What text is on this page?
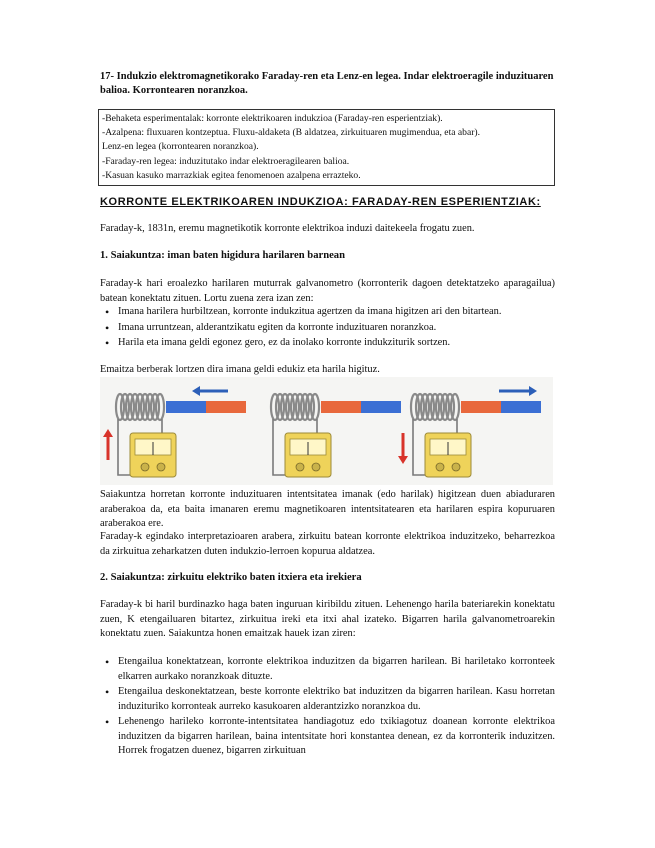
17- Indukzio elektromagnetikorako Faraday-ren eta Lenz-en legea. Indar elektroeragile induzituaren balioa. Korrontearen noranzkoa.

-Behaketa esperimentalak: korronte elektrikoaren indukzioa (Faraday-ren esperientziak).
-Azalpena: fluxuaren kontzeptua. Fluxu-aldaketa (B aldatzea, zirkuituaren mugimendua, eta abar).
Lenz-en legea (korrontearen noranzkoa).
-Faraday-ren legea: induzitutako indar elektroeragilearen balioa.
-Kasuan kasuko marrazkiak egitea fenomenoen azalpena errazteko.

KORRONTE ELEKTRIKOAREN INDUKZIOA: FARADAY-REN ESPERIENTZIAK:

Faraday-k, 1831n, eremu magnetikotik korronte elektrikoa induzi daitekeela frogatu zuen.

1. Saiakuntza: iman baten higidura harilaren barnean

Faraday-k hari eroalezko harilaren muturrak galvanometro (korronterik dagoen detektatzeko aparagailua) batean konektatu zituen. Lortu zuena zera izan zen:

• Imana harilera hurbiltzean, korronte indukzitua agertzen da imana higitzen ari den bitartean.
• Imana urruntzean, alderantzikatu egiten da korronte induzituaren noranzkoa.
• Harila eta imana geldi egonez gero, ez da inolako korronte indukziturik sortzen.

Emaitza berberak lortzen dira imana geldi edukiz eta harila higituz.

Saiakuntza horretan korronte induzituaren intentsitatea imanak (edo harilak) higitzean duen abiaduraren araberakoa da, eta baita imanaren eremu magnetikoaren intentsitatearen eta harilaren espira kopuruaren araberakoa ere.

Faraday-k egindako interpretazioaren arabera, zirkuitu batean korronte elektrikoa induzitzeko, beharrezkoa da zirkuitua zeharkatzen duten indukzio-lerroen kopurua aldatzea.

2. Saiakuntza: zirkuitu elektriko baten itxiera eta irekiera

Faraday-k bi haril burdinazko haga baten inguruan kiribildu zituen. Lehenengo harila bateriarekin konektatu zuen, K etengailuaren bitartez, zirkuitua ireki eta itxi ahal izateko. Bigarren harila galvanometroarekin konektatu zuen. Saiakuntza honen emaitzak hauek izan ziren:

• Etengailua konektatzean, korronte elektrikoa induzitzen da bigarren harilean. Bi hariletako korronteek elkarren aurkako noranzkoak dituzte.
• Etengailua deskonektatzean, beste korronte elektriko bat induzitzen da bigarren harilean. Kasu horretan induzituriko korronteak aurreko kasukoaren alderantzizko noranzkoa du.
• Lehenengo harileko korronte-intentsitatea handiagotuz edo txikiagotuz doanean korronte elektrikoa induzitzen da bigarren harilean, baina intentsitate hori konstantea denean, ez da korronterik induzitzen. Horrek frogatzen duenez, bigarren zirkuituan
